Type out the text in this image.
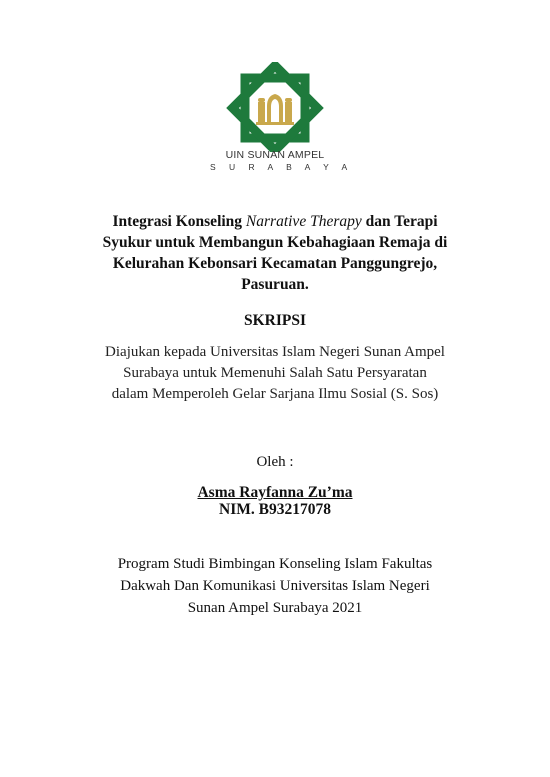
UIN SUNAN AMPEL
S U R A B A Y A
Integrasi Konseling Narrative Therapy dan Terapi
Syukur untuk Membangun Kebahagiaan Remaja di
Kelurahan Kebonsari Kecamatan Panggungrejo,
Pasuruan.
SKRIPSI
Diajukan kepada Universitas Islam Negeri Sunan Ampel
Surabaya untuk Memenuhi Salah Satu Persyaratan
dalam Memperoleh Gelar Sarjana Ilmu Sosial (S. Sos)
Oleh :
Asma Rayfanna Zu’ma
NIM. B93217078
Program Studi Bimbingan Konseling Islam Fakultas
Dakwah Dan Komunikasi Universitas Islam Negeri
Sunan Ampel Surabaya 2021
